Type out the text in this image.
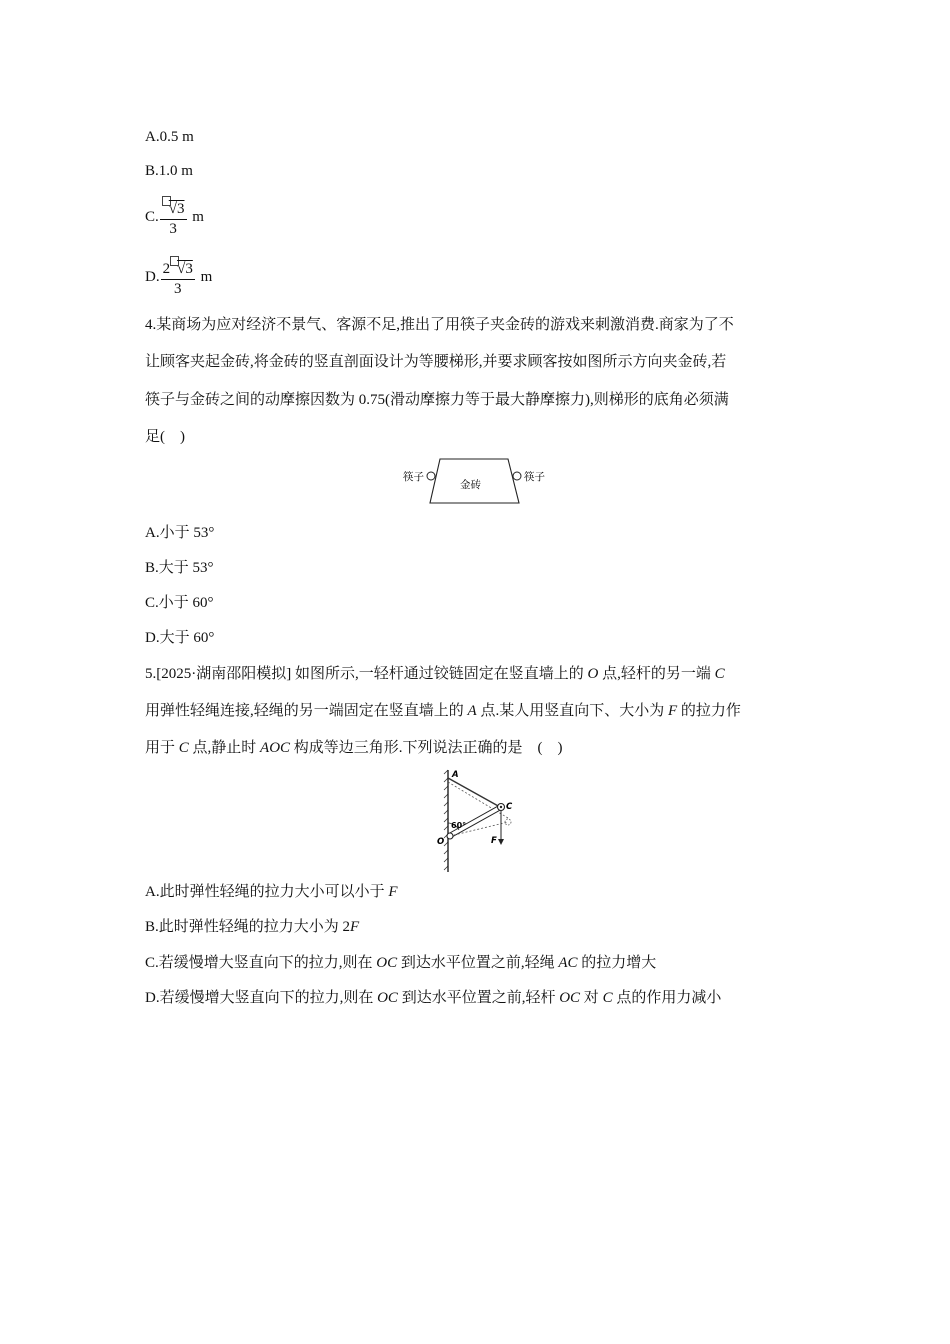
A.0.5 m
B.1.0 m
C. $\frac{√3}{3}$ m
D. $\frac{2 √3}{3}$ m
4.某商场为应对经济不景气、客源不足,推出了用筷子夹金砖的游戏来刺激消费.商家为了不
让顾客夹起金砖,将金砖的竖直剖面设计为等腰梯形,并要求顾客按如图所示方向夹金砖,若
筷子与金砖之间的动摩擦因数为 0.75(滑动摩擦力等于最大静摩擦力),则梯形的底角必须满
足(　)
筷子
金砖
筷子
A.小于 53°
B.大于 53°
C.小于 60°
D.大于 60°
5.[2025·湖南邵阳模拟] 如图所示,一轻杆通过铰链固定在竖直墙上的 O 点,轻杆的另一端 C
用弹性轻绳连接,轻绳的另一端固定在竖直墙上的 A 点.某人用竖直向下、大小为 F 的拉力作
用于 C 点,静止时 AOC 构成等边三角形.下列说法正确的是　(　)
A
C
O
60°
F
A.此时弹性轻绳的拉力大小可以小于 F
B.此时弹性轻绳的拉力大小为 2F
C.若缓慢增大竖直向下的拉力,则在 OC 到达水平位置之前,轻绳 AC 的拉力增大
D.若缓慢增大竖直向下的拉力,则在 OC 到达水平位置之前,轻杆 OC 对 C 点的作用力减小
